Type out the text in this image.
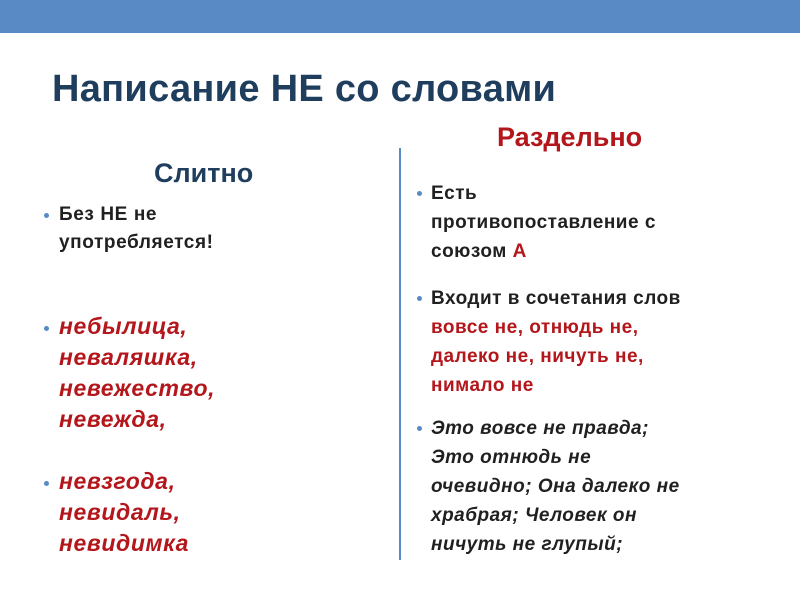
Написание НЕ со словами
Слитно
Раздельно
Без НЕ не
употребляется!
небылица,
неваляшка,
невежество,
невежда,
невзгода,
невидаль,
невидимка
Есть
противопоставление с
союзом А
Входит в сочетания слов
вовсе не, отнюдь не,
далеко не, ничуть не,
нимало не
Это вовсе не правда;
Это отнюдь не
очевидно; Она далеко не
храбрая; Человек он
ничуть не глупый;
